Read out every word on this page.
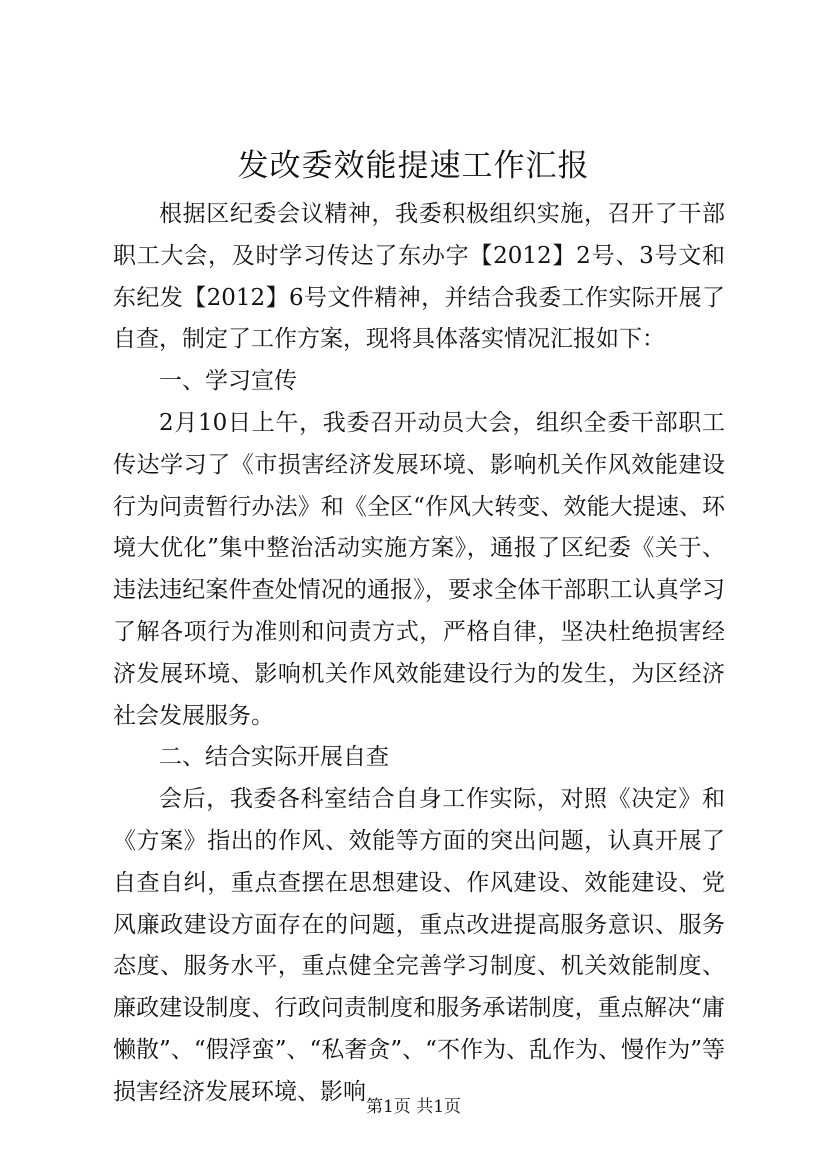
发改委效能提速工作汇报

根据区纪委会议精神，我委积极组织实施，召开了干部职工大会，及时学习传达了东办字【2012】2号、3号文和东纪发【2012】6号文件精神，并结合我委工作实际开展了自查，制定了工作方案，现将具体落实情况汇报如下：

一、学习宣传

2月10日上午，我委召开动员大会，组织全委干部职工传达学习了《市损害经济发展环境、影响机关作风效能建设行为问责暂行办法》和《全区“作风大转变、效能大提速、环境大优化”集中整治活动实施方案》，通报了区纪委《关于、违法违纪案件查处情况的通报》，要求全体干部职工认真学习了解各项行为准则和问责方式，严格自律，坚决杜绝损害经济发展环境、影响机关作风效能建设行为的发生，为区经济社会发展服务。

二、结合实际开展自查

会后，我委各科室结合自身工作实际，对照《决定》和《方案》指出的作风、效能等方面的突出问题，认真开展了自查自纠，重点查摆在思想建设、作风建设、效能建设、党风廉政建设方面存在的问题，重点改进提高服务意识、服务态度、服务水平，重点健全完善学习制度、机关效能制度、廉政建设制度、行政问责制度和服务承诺制度，重点解决“庸懒散”、“假浮蛮”、“私奢贪”、“不作为、乱作为、慢作为”等损害经济发展环境、影响

第1页 共1页
